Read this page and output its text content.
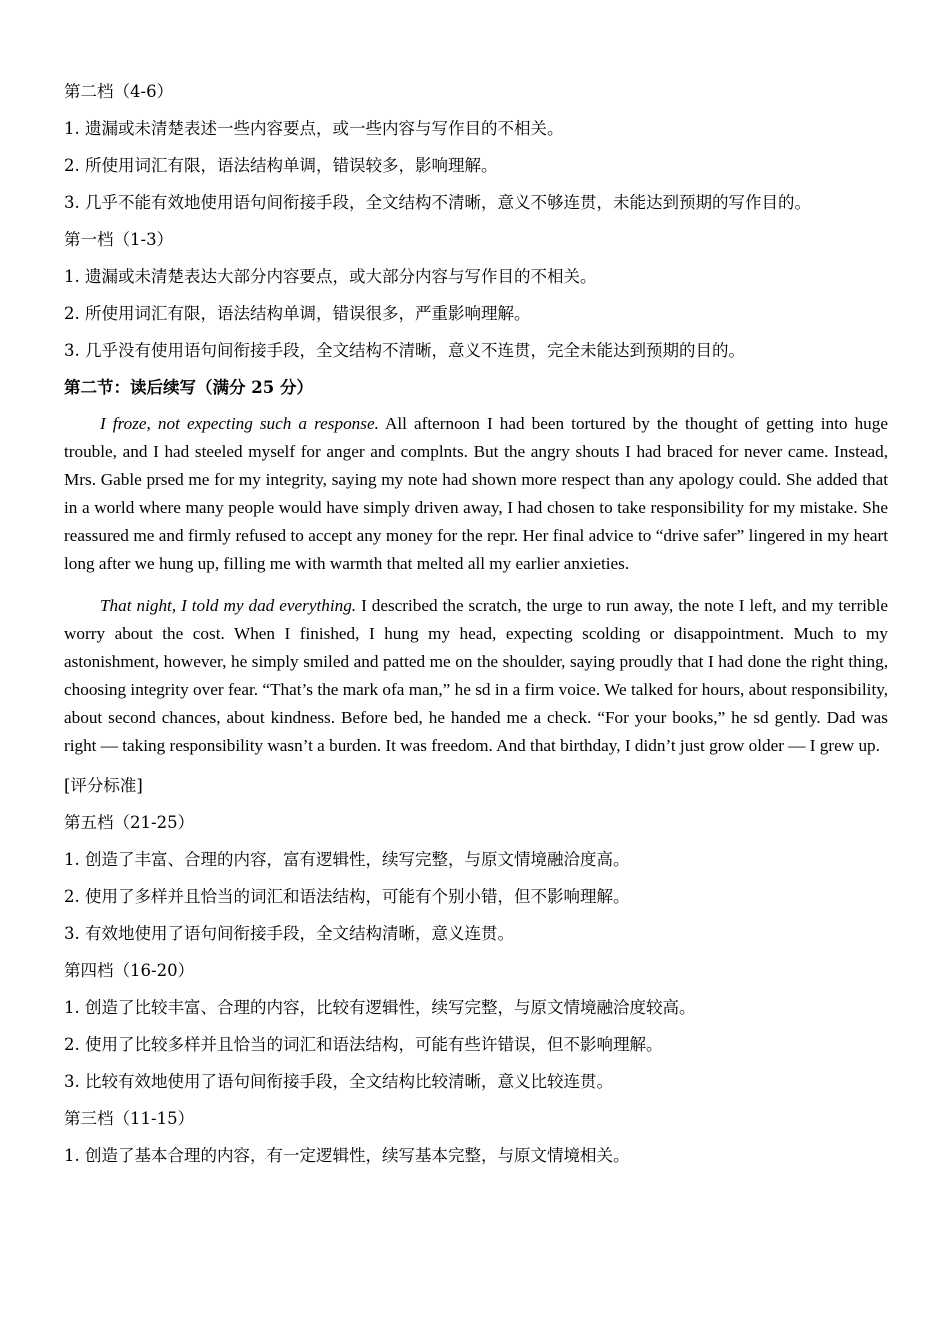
第二档（4-6）

1. 遗漏或未清楚表述一些内容要点，或一些内容与写作目的不相关。

2. 所使用词汇有限，语法结构单调，错误较多，影响理解。

3. 几乎不能有效地使用语句间衔接手段，全文结构不清晰，意义不够连贯，未能达到预期的写作目的。

第一档（1-3）

1. 遗漏或未清楚表达大部分内容要点，或大部分内容与写作目的不相关。

2. 所使用词汇有限，语法结构单调，错误很多，严重影响理解。

3. 几乎没有使用语句间衔接手段，全文结构不清晰，意义不连贯，完全未能达到预期的目的。

第二节：读后续写（满分 25 分）

I froze, not expecting such a response. All afternoon I had been tortured by the thought of getting into huge trouble, and I had steeled myself for anger and complnts. But the angry shouts I had braced for never came. Instead, Mrs. Gable prsed me for my integrity, saying my note had shown more respect than any apology could. She added that in a world where many people would have simply driven away, I had chosen to take responsibility for my mistake. She reassured me and firmly refused to accept any money for the repr. Her final advice to “drive safer” lingered in my heart long after we hung up, filling me with warmth that melted all my earlier anxieties.

That night, I told my dad everything. I described the scratch, the urge to run away, the note I left, and my terrible worry about the cost. When I finished, I hung my head, expecting scolding or disappointment. Much to my astonishment, however, he simply smiled and patted me on the shoulder, saying proudly that I had done the right thing, choosing integrity over fear. “That’s the mark ofa man,” he sd in a firm voice. We talked for hours, about responsibility, about second chances, about kindness. Before bed, he handed me a check. “For your books,” he sd gently. Dad was right — taking responsibility wasn’t a burden. It was freedom. And that birthday, I didn’t just grow older — I grew up.

[评分标准]

第五档（21-25）

1. 创造了丰富、合理的内容，富有逻辑性，续写完整，与原文情境融洽度高。

2. 使用了多样并且恰当的词汇和语法结构，可能有个别小错，但不影响理解。

3. 有效地使用了语句间衔接手段，全文结构清晰，意义连贯。

第四档（16-20）

1. 创造了比较丰富、合理的内容，比较有逻辑性，续写完整，与原文情境融洽度较高。

2. 使用了比较多样并且恰当的词汇和语法结构，可能有些许错误，但不影响理解。

3. 比较有效地使用了语句间衔接手段，全文结构比较清晰，意义比较连贯。

第三档（11-15）

1. 创造了基本合理的内容，有一定逻辑性，续写基本完整，与原文情境相关。
